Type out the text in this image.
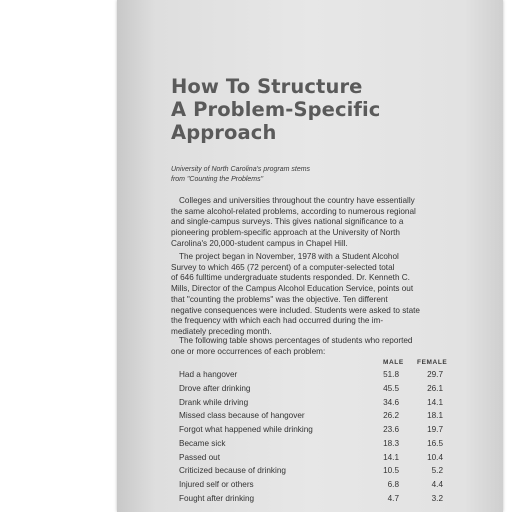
How To Structure
A Problem-Specific
Approach
University of North Carolina's program stems
from "Counting the Problems"
Colleges and universities throughout the country have essentially
the same alcohol-related problems, according to numerous regional
and single-campus surveys. This gives national significance to a
pioneering problem-specific approach at the University of North
Carolina's 20,000-student campus in Chapel Hill.
The project began in November, 1978 with a Student Alcohol
Survey to which 465 (72 percent) of a computer-selected total
of 646 fulltime undergraduate students responded. Dr. Kenneth C.
Mills, Director of the Campus Alcohol Education Service, points out
that "counting the problems" was the objective. Ten different
negative consequences were included. Students were asked to state
the frequency with which each had occurred during the im-
mediately preceding month.
The following table shows percentages of students who reported
one or more occurrences of each problem:
MALE FEMALE
Had a hangover	51.8	29.7
Drove after drinking	45.5	26.1
Drank while driving	34.6	14.1
Missed class because of hangover	26.2	18.1
Forgot what happened while drinking	23.6	19.7
Became sick	18.3	16.5
Passed out	14.1	10.4
Criticized because of drinking	10.5	5.2
Injured self or others	6.8	4.4
Fought after drinking	4.7	3.2
